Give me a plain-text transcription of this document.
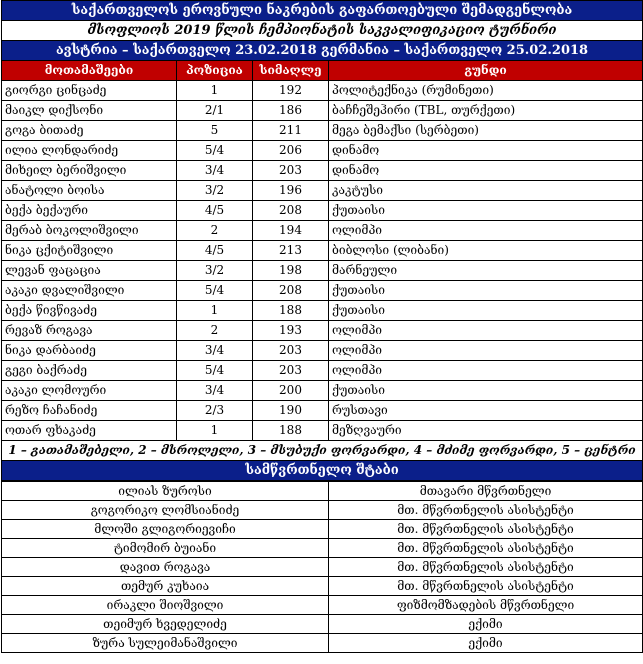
საქართველოს ეროვნული ნაკრების გაფართოებული შემადგენლობა			
მსოფლიოს 2019 წლის ჩემპიონატის საკვალიფიკაციო ტურნირი			
ავსტრია – საქართველო 23.02.2018 გერმანია – საქართველო 25.02.2018			
მოთამაშეები	პოზიცია	სიმაღლე	გუნდი
გიორგი ცინცაძე	1	192	პოლიტექნიკა (რუმინეთი)
მაიკლ დიქსონი	2/1	186	ბაჩჩეშეჰირი (TBL, თურქეთი)
გოგა ბითაძე	5	211	მეგა ბემაქსი (სერბეთი)
ილია ლონდარიძე	5/4	206	დინამო
მიხეილ ბერიშვილი	3/4	203	დინამო
ანატოლი ბოისა	3/2	196	კაკტუსი
ბექა ბექაური	4/5	208	ქუთაისი
მერაბ ბოკოლიშვილი	2	194	ოლიმპი
ნიკა ცქიტიშვილი	4/5	213	ბიბლოსი (ლიბანი)
ლევან ფაცაცია	3/2	198	მარნეული
აკაკი დვალიშვილი	5/4	208	ქუთაისი
ბექა წივწივაძე	1	188	ქუთაისი
რევაზ როგავა	2	193	ოლიმპი
ნიკა დარბაიძე	3/4	203	ოლიმპი
გეგი ბაქრაძე	5/4	203	ოლიმპი
აკაკი ლომოური	3/4	200	ქუთაისი
რეზო ჩაჩანიძე	2/3	190	რუსთავი
ოთარ ფხაკაძე	1	188	მეზღვაური
1 – გათამაშებელი, 2 – მსროლელი, 3 – მსუბუქი ფორვარდი, 4 – მძიმე ფორვარდი, 5 – ცენტრი			
სამწვრთნელო შტაბი			
ილიას ზუროსი	მთავარი მწვრთნელი
გოგორიკო ლომსიანიძე	მთ. მწვრთნელის ასისტენტი
მლოში გლიგორიევიჩი	მთ. მწვრთნელის ასისტენტი
ტიმომირ ბუიანი	მთ. მწვრთნელის ასისტენტი
დავით როგავა	მთ. მწვრთნელის ასისტენტი
თემურ კუხაია	მთ. მწვრთნელის ასისტენტი
ირაკლი შიოშვილი	ფიზმომზადების მწვრთნელი
თეიმურ ხვედელიძე	ექიმი
ზურა სულეიმანაშვილი	ექიმი
